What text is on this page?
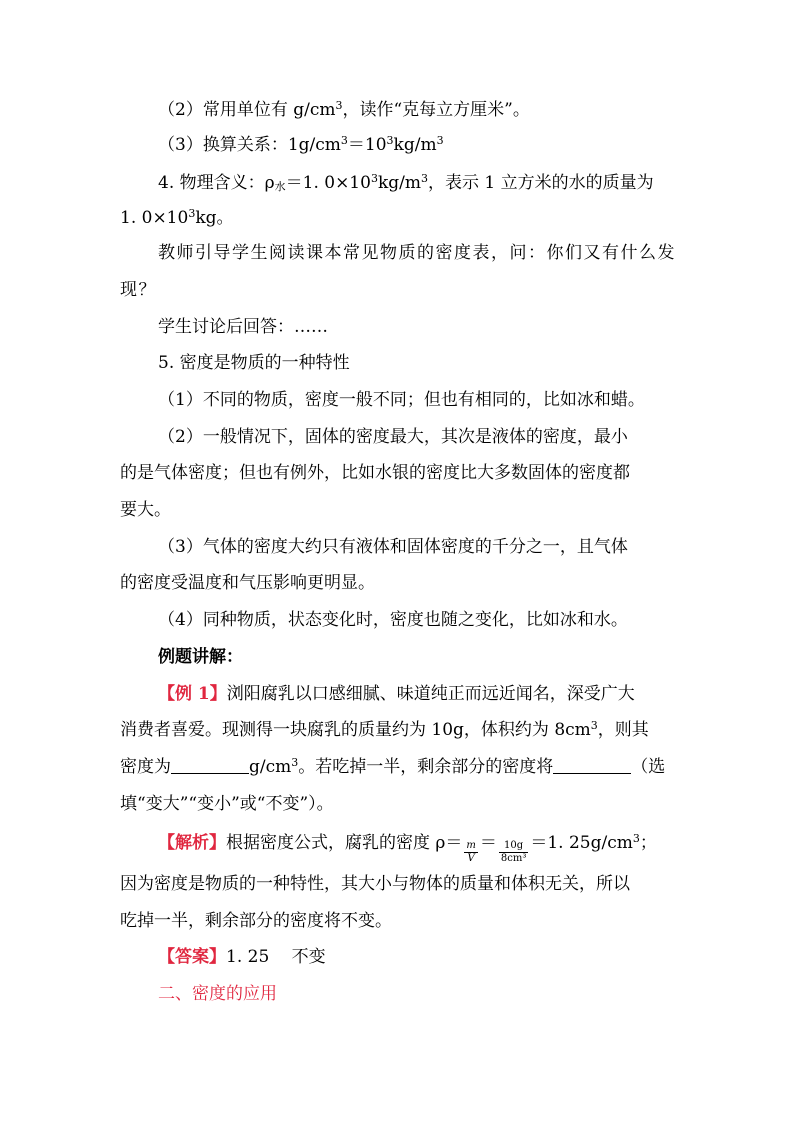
（2）常用单位有 $g/cm^3$，读作“克每立方厘米”。
（3）换算关系：$1g/cm^3=10^3kg/m^3$
4. 物理含义：$\rho_水=1$. $0\times 10^3kg/m^3$，表示 1 立方米的水的质量为
1. $0\times 10^3kg$。
教师引导学生阅读课本常见物质的密度表，问：你们又有什么发
现？
学生讨论后回答：……
5. 密度是物质的一种特性
（1）不同的物质，密度一般不同；但也有相同的，比如冰和蜡。
（2）一般情况下，固体的密度最大，其次是液体的密度，最小
的是气体密度；但也有例外，比如水银的密度比大多数固体的密度都
要大。
（3）气体的密度大约只有液体和固体密度的千分之一，且气体
的密度受温度和气压影响更明显。
（4）同种物质，状态变化时，密度也随之变化，比如冰和水。
例题讲解：
【例 1】浏阳腐乳以口感细腻、味道纯正而远近闻名，深受广大
消费者喜爱。现测得一块腐乳的质量约为 10g，体积约为 $8cm^3$，则其
密度为	$g/cm^3$。若吃掉一半，剩余部分的密度将	（选
填“变大”“变小”或“不变”）。
【解析】根据密度公式，腐乳的密度 $\rho= \frac{m}{V} = \frac{10g}{\text{8cm³}} =1$. $25g/cm^3$；
因为密度是物质的一种特性，其大小与物体的质量和体积无关，所以
吃掉一半，剩余部分的密度将不变。
【答案】1. 25　 不变
二、密度的应用
